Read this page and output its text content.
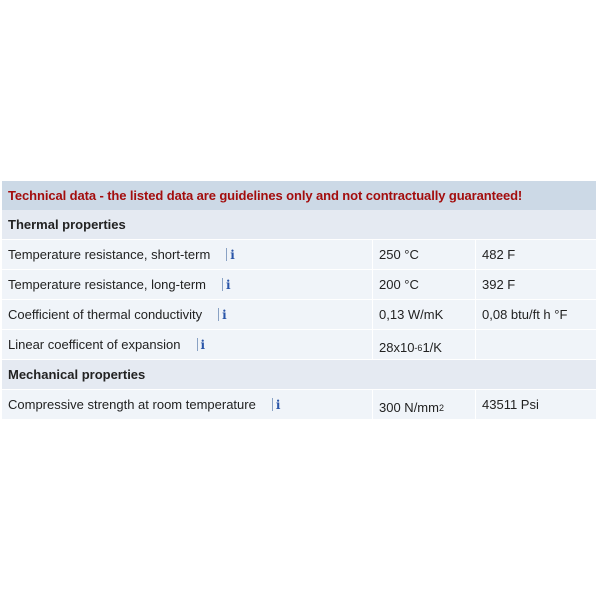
Technical data - the listed data are guidelines only and not contractually guaranteed!
Thermal properties
Temperature resistance, short-term i	250 °C	482 F
Temperature resistance, long-term i	200 °C	392 F
Coefficient of thermal conductivity i	0,13 W/mK	0,08 btu/ft h °F
Linear coefficent of expansion i	28x10 -6 1/K
Mechanical properties
Compressive strength at room temperature i	300 N/mm 2	43511 Psi
